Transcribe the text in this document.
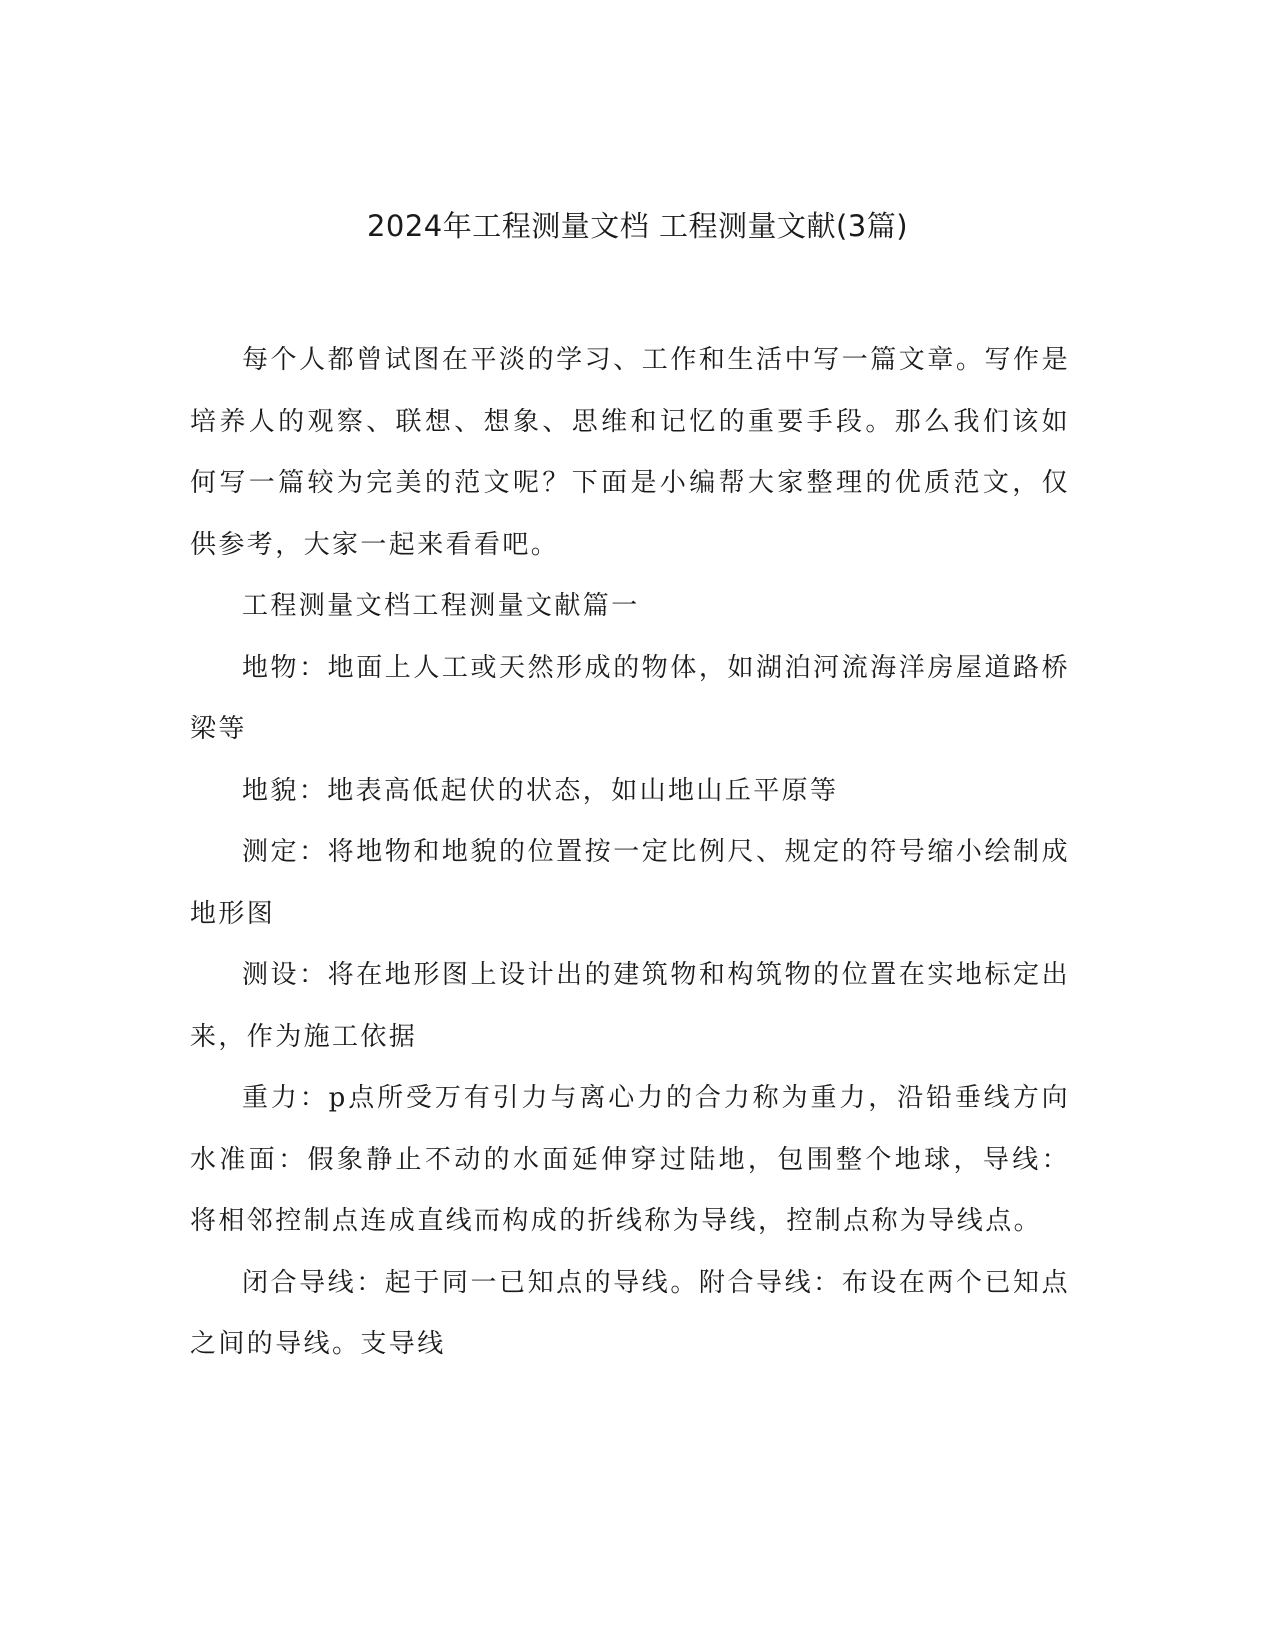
2024年工程测量文档 工程测量文献(3篇)

每个人都曾试图在平淡的学习、工作和生活中写一篇文章。写作是培养人的观察、联想、想象、思维和记忆的重要手段。那么我们该如何写一篇较为完美的范文呢？下面是小编帮大家整理的优质范文，仅供参考，大家一起来看看吧。

工程测量文档工程测量文献篇一

地物：地面上人工或天然形成的物体，如湖泊河流海洋房屋道路桥梁等

地貌：地表高低起伏的状态，如山地山丘平原等

测定：将地物和地貌的位置按一定比例尺、规定的符号缩小绘制成地形图

测设：将在地形图上设计出的建筑物和构筑物的位置在实地标定出来，作为施工依据

重力：p点所受万有引力与离心力的合力称为重力，沿铅垂线方向水准面：假象静止不动的水面延伸穿过陆地，包围整个地球，导线：将相邻控制点连成直线而构成的折线称为导线，控制点称为导线点。

闭合导线：起于同一已知点的导线。附合导线：布设在两个已知点之间的导线。支导线
